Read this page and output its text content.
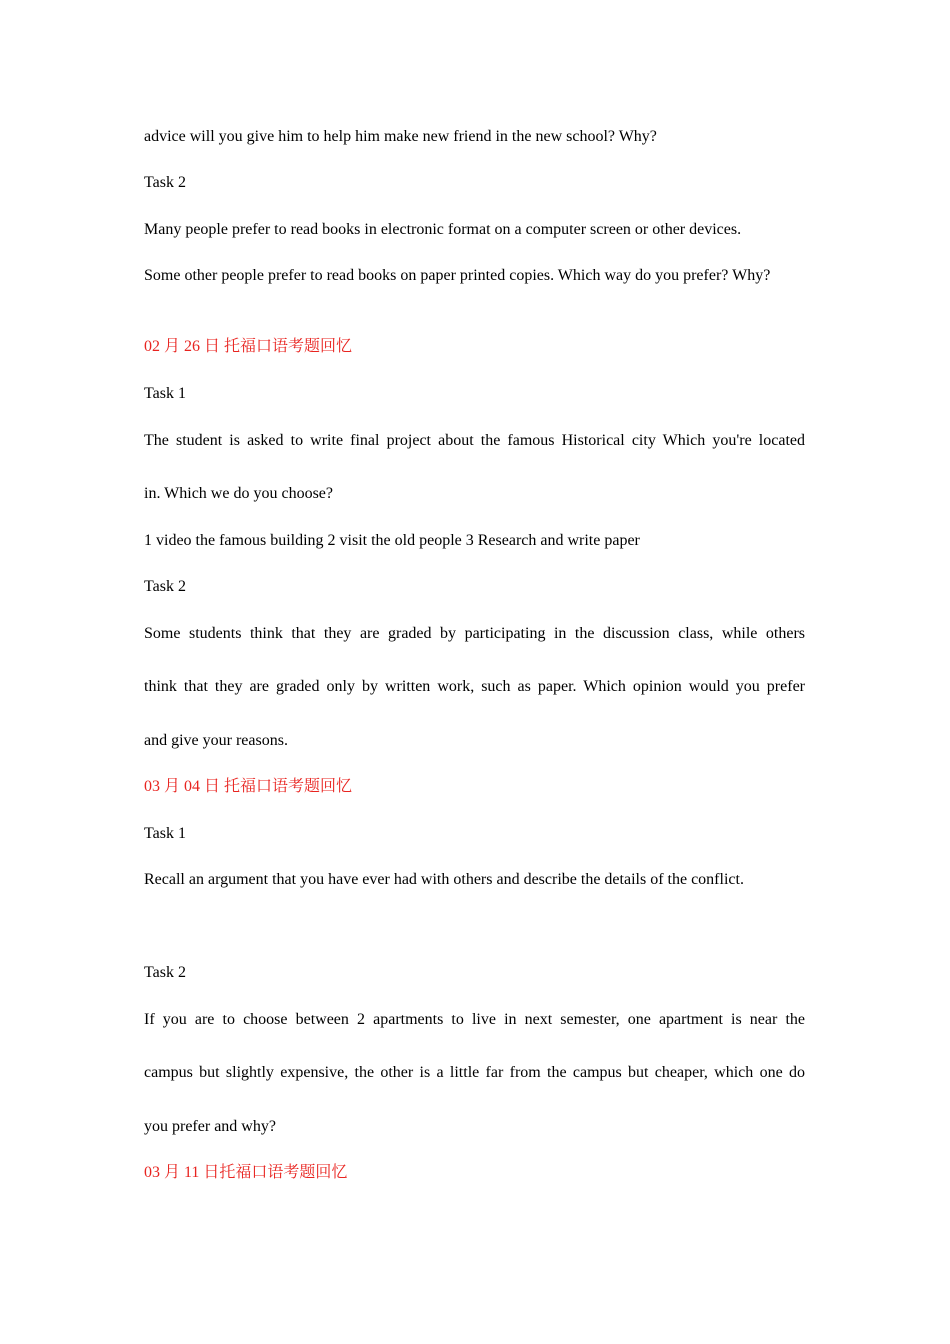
advice will you give him to help him make new friend in the new school? Why?

Task 2

Many people prefer to read books in electronic format on a computer screen or other devices.

Some other people prefer to read books on paper printed copies. Which way do you prefer? Why?

02 月 26 日 托福口语考题回忆

Task 1

The student is asked to write final project about the famous Historical city Which you're located

in. Which we do you choose?

1 video the famous building 2 visit the old people 3 Research and write paper

Task 2

Some students think that they are graded by participating in the discussion class, while others

think that they are graded only by written work, such as paper. Which opinion would you prefer

and give your reasons.

03 月 04 日 托福口语考题回忆

Task 1

Recall an argument that you have ever had with others and describe the details of the conflict.

Task 2

If you are to choose between 2 apartments to live in next semester, one apartment is near the

campus but slightly expensive, the other is a little far from the campus but cheaper, which one do

you prefer and why?

03 月 11 日托福口语考题回忆
